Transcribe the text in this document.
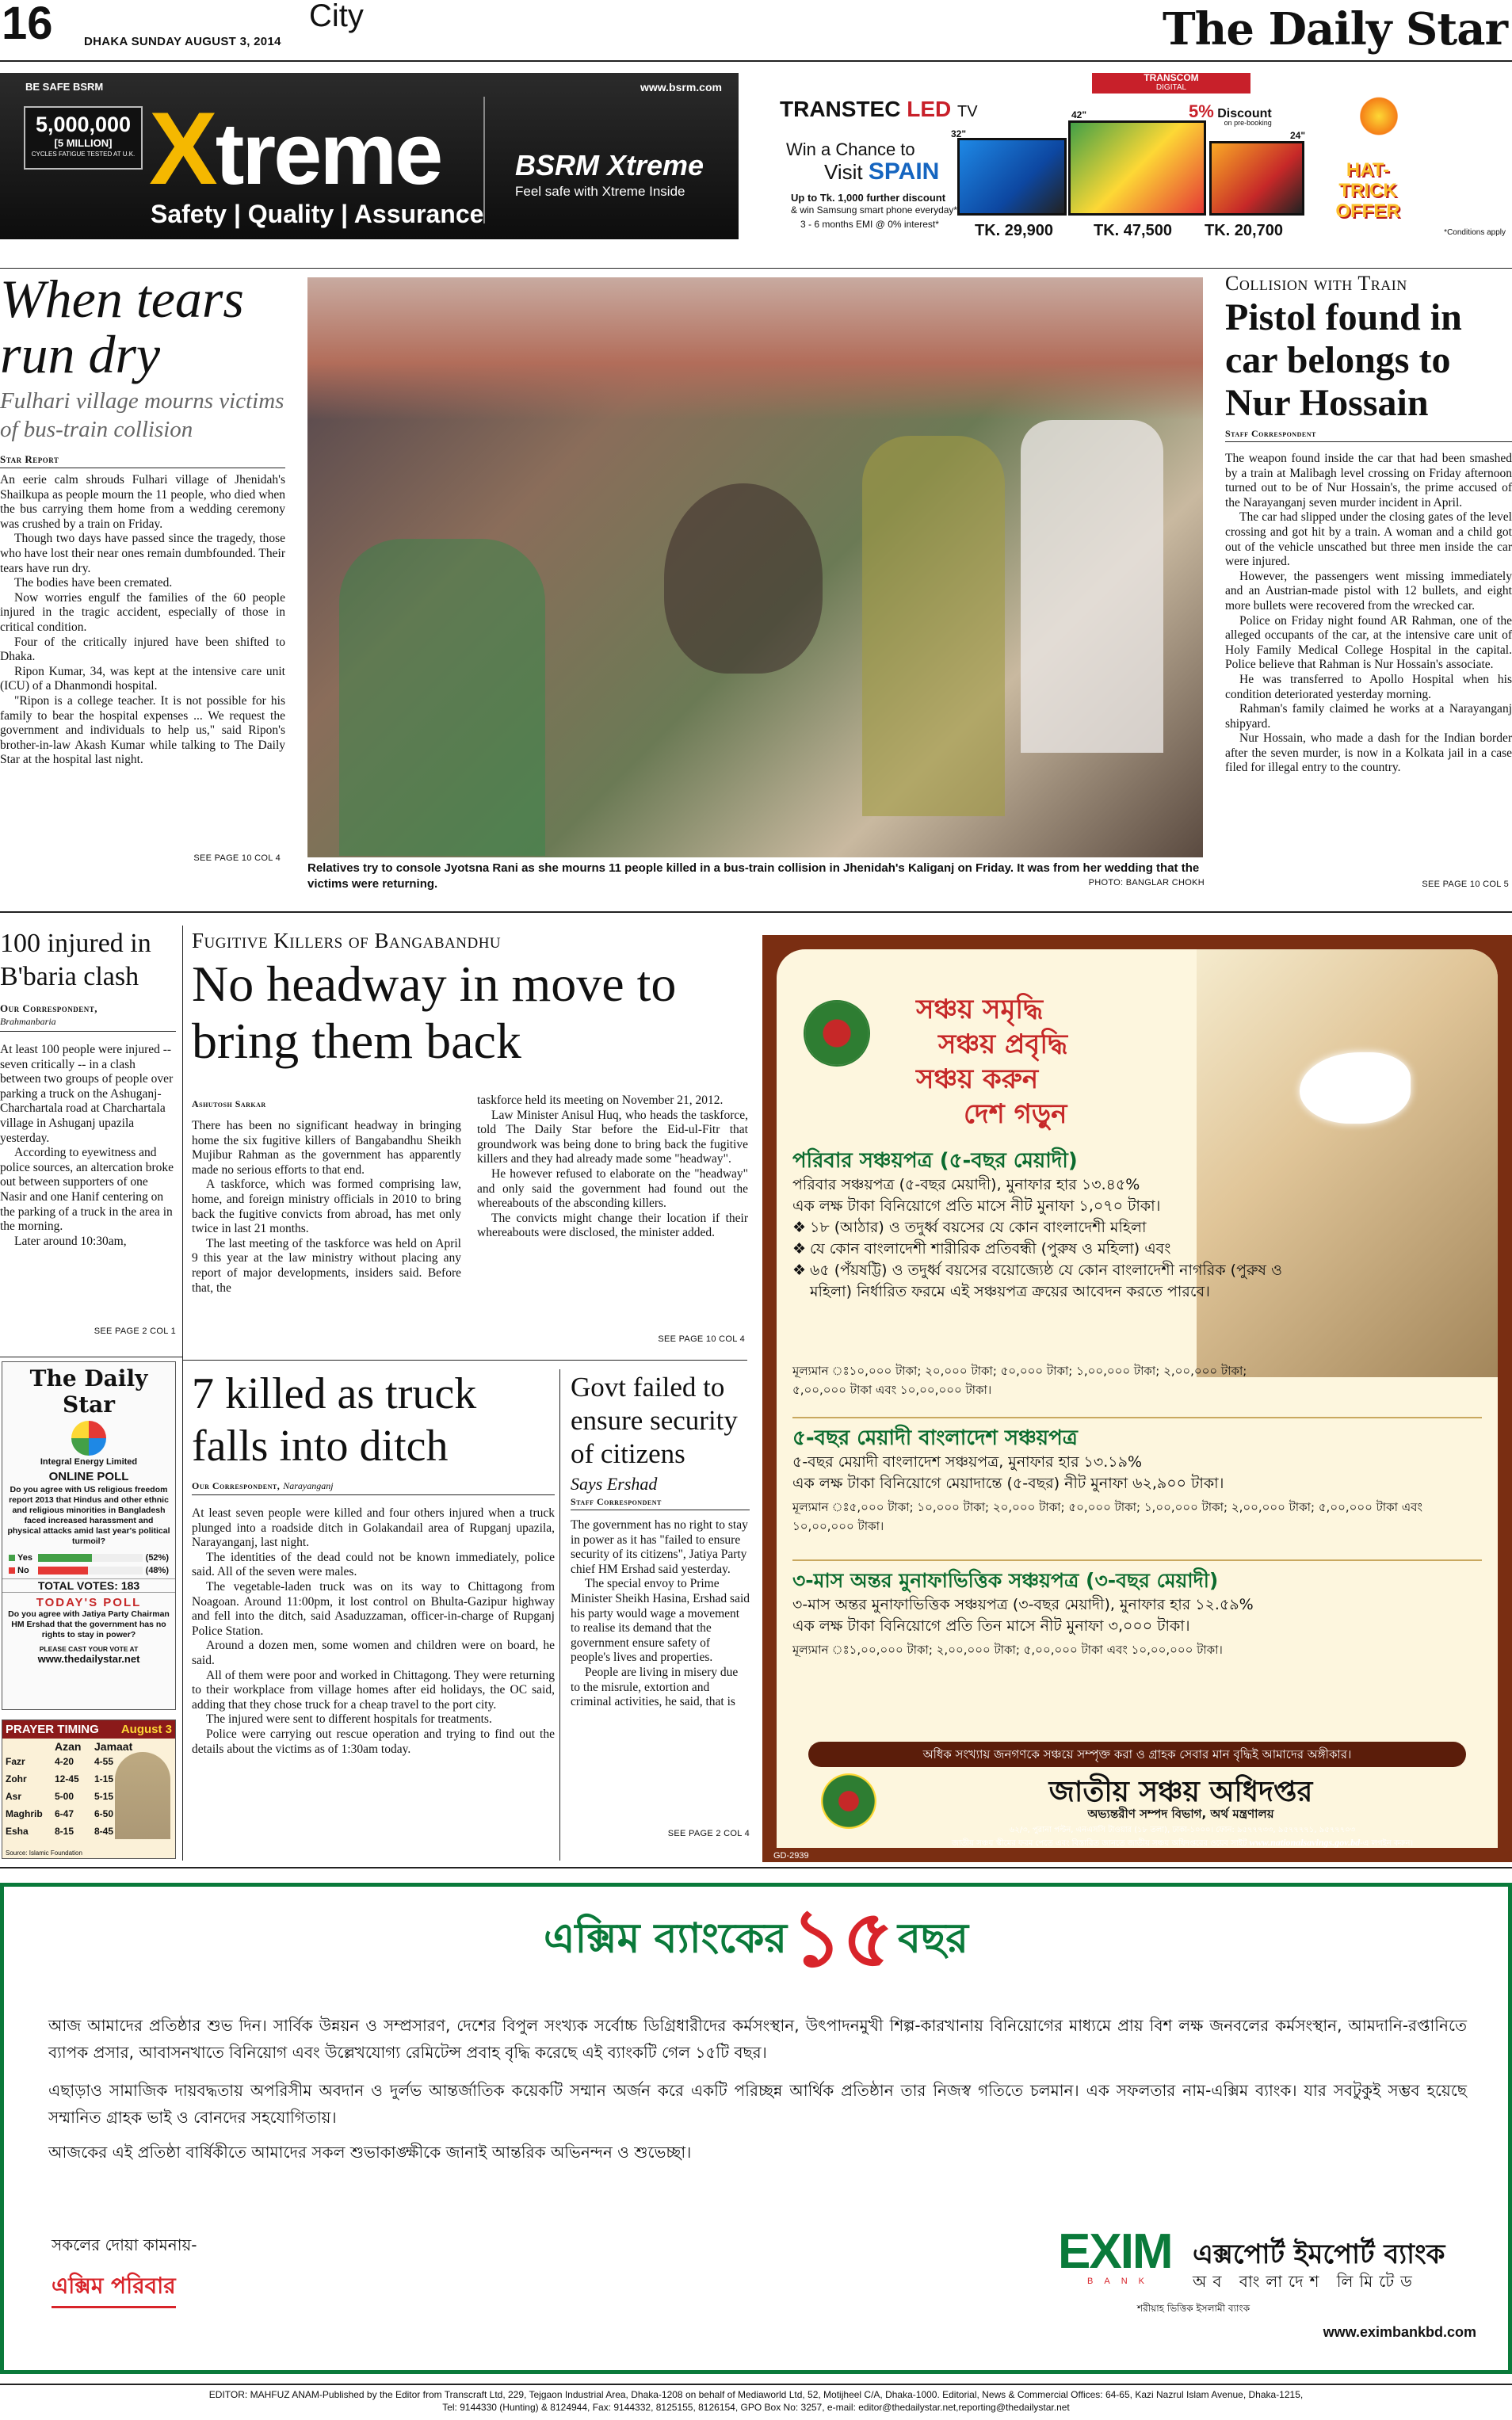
16	DHAKA SUNDAY AUGUST 3, 2014
City	The Daily Star
BE SAFE BSRM	www.bsrm.com
5,000,000
[5 MILLION]
CYCLES FATIGUE TESTED AT U.K. Xtreme
Safety | Quality | Assurance
BSRM Xtreme
Feel safe with Xtreme Inside
TRANSCOM
DIGITAL
TRANSTEC LED TV
Win a Chance to
Visit SPAIN
Up to Tk. 1,000 further discount
& win Samsung smart phone everyday*
3 - 6 months EMI @ 0% interest*
32"
42"
24"
5% Discount
on pre-booking
HAT-TRICK OFFER
TK. 29,900	TK. 47,500 TK. 20,700	*Conditions apply
When tears run dry
Fulhari village mourns victims of bus-train collision
Star Report

An eerie calm shrouds Fulhari village of Jhenidah's Shailkupa as people mourn the 11 people, who died when the bus carrying them home from a wedding ceremony was crushed by a train on Friday.

Though two days have passed since the tragedy, those who have lost their near ones remain dumbfounded. Their tears have run dry.

The bodies have been cremated.

Now worries engulf the families of the 60 people injured in the tragic accident, especially of those in critical condition.

Four of the critically injured have been shifted to Dhaka.

Ripon Kumar, 34, was kept at the intensive care unit (ICU) of a Dhanmondi hospital.

"Ripon is a college teacher. It is not possible for his family to bear the hospital expenses ... We request the government and individuals to help us," said Ripon's brother-in-law Akash Kumar while talking to The Daily Star at the hospital last night.

SEE PAGE 10 COL 4
Relatives try to console Jyotsna Rani as she mourns 11 people killed in a bus-train collision in Jhenidah's Kaliganj on Friday. It was from her wedding that the victims were returning.	PHOTO: BANGLAR CHOKH
Collision with Train
Pistol found in car belongs to Nur Hossain
Staff Correspondent

The weapon found inside the car that had been smashed by a train at Malibagh level crossing on Friday afternoon turned out to be of Nur Hossain's, the prime accused of the Narayanganj seven murder incident in April.

The car had slipped under the closing gates of the level crossing and got hit by a train. A woman and a child got out of the vehicle unscathed but three men inside the car were injured.

However, the passengers went missing immediately and an Austrian-made pistol with 12 bullets, and eight more bullets were recovered from the wrecked car.

Police on Friday night found AR Rahman, one of the alleged occupants of the car, at the intensive care unit of Holy Family Medical College Hospital in the capital. Police believe that Rahman is Nur Hossain's associate.

He was transferred to Apollo Hospital when his condition deteriorated yesterday morning.

Rahman's family claimed he works at a Narayanganj shipyard.

Nur Hossain, who made a dash for the Indian border after the seven murder, is now in a Kolkata jail in a case filed for illegal entry to the country.

SEE PAGE 10 COL 5
100 injured in B'baria clash
Our Correspondent,
Brahmanbaria

At least 100 people were injured -- seven critically -- in a clash between two groups of people over parking a truck on the Ashuganj-Charchartala road at Charchartala village in Ashuganj upazila yesterday.

According to eyewitness and police sources, an altercation broke out between supporters of one Nasir and one Hanif centering on the parking of a truck in the area in the morning.

Later around 10:30am,

SEE PAGE 2 COL 1
Fugitive Killers of Bangabandhu
No headway in move to bring them back
Ashutosh Sarkar

There has been no significant headway in bringing home the six fugitive killers of Bangabandhu Sheikh Mujibur Rahman as the government has apparently made no serious efforts to that end.

A taskforce, which was formed comprising law, home, and foreign ministry officials in 2010 to bring back the fugitive convicts from abroad, has met only twice in last 21 months.

The last meeting of the taskforce was held on April 9 this year at the law ministry without placing any report of major developments, insiders said. Before that, the

taskforce held its meeting on November 21, 2012.

Law Minister Anisul Huq, who heads the taskforce, told The Daily Star before the Eid-ul-Fitr that groundwork was being done to bring back the fugitive killers and they had already made some "headway".

He however refused to elaborate on the "headway" and only said the government had found out the whereabouts of the absconding killers.

The convicts might change their location if their whereabouts were disclosed, the minister added.

SEE PAGE 10 COL 4
The Daily Star
Integral Energy Limited
ONLINE POLL
Do you agree with US religious freedom report 2013 that Hindus and other ethnic and religious minorities in Bangladesh faced increased harassment and physical attacks amid last year's political turmoil?
Yes	(52%)
No	(48%)
TOTAL VOTES: 183
TODAY'S POLL
Do you agree with Jatiya Party Chairman HM Ershad that the government has no rights to stay in power?
PLEASE CAST YOUR VOTE AT
www.thedailystar.net
PRAYER TIMING August 3
	Azan	Jamaat
Fazr	4-20	4-55
Zohr	12-45	1-15
Asr	5-00	5-15
Maghrib	6-47	6-50
Esha	8-15	8-45
Source: Islamic Foundation
7 killed as truck falls into ditch
Our Correspondent, Narayanganj

At least seven people were killed and four others injured when a truck plunged into a roadside ditch in Golakandail area of Rupganj upazila, Narayanganj, last night.

The identities of the dead could not be known immediately, police said. All of the seven were males.

The vegetable-laden truck was on its way to Chittagong from Noagoan. Around 11:00pm, it lost control on Bhulta-Gazipur highway and fell into the ditch, said Asaduzzaman, officer-in-charge of Rupganj Police Station.

Around a dozen men, some women and children were on board, he said.

All of them were poor and worked in Chittagong. They were returning to their workplace from village homes after eid holidays, the OC said, adding that they chose truck for a cheap travel to the port city.

The injured were sent to different hospitals for treatments.

Police were carrying out rescue operation and trying to find out the details about the victims as of 1:30am today.

Govt failed to ensure security of citizens
Says Ershad
Staff Correspondent

The government has no right to stay in power as it has "failed to ensure security of its citizens", Jatiya Party chief HM Ershad said yesterday.

The special envoy to Prime Minister Sheikh Hasina, Ershad said his party would wage a movement to realise its demand that the government ensure safety of people's lives and properties.

People are living in misery due to the misrule, extortion and criminal activities, he said, that is

SEE PAGE 2 COL 4
সঞ্চয় সমৃদ্ধি
সঞ্চয় প্রবৃদ্ধি
সঞ্চয় করুন
দেশ গড়ুন
পরিবার সঞ্চয়পত্র (৫-বছর মেয়াদী)
পরিবার সঞ্চয়পত্র (৫-বছর মেয়াদী), মুনাফার হার ১৩.৪৫%
এক লক্ষ টাকা বিনিয়োগে প্রতি মাসে নীট মুনাফা ১,০৭০ টাকা।
❖ ১৮ (আঠার) ও তদুর্ধ্ব বয়সের যে কোন বাংলাদেশী মহিলা
❖ যে কোন বাংলাদেশী শারীরিক প্রতিবন্ধী (পুরুষ ও মহিলা) এবং
❖ ৬৫ (পঁয়ষট্টি) ও তদুর্ধ্ব বয়সের বয়োজ্যেষ্ঠ যে কোন বাংলাদেশী নাগরিক (পুরুষ ও মহিলা) নির্ধারিত ফরমে এই সঞ্চয়পত্র ক্রয়ের আবেদন করতে পারবে।
মূল্যমান ঃ১০,০০০ টাকা; ২০,০০০ টাকা; ৫০,০০০ টাকা; ১,০০,০০০ টাকা; ২,০০,০০০ টাকা; ৫,০০,০০০ টাকা এবং ১০,০০,০০০ টাকা।
৫-বছর মেয়াদী বাংলাদেশ সঞ্চয়পত্র
৫-বছর মেয়াদী বাংলাদেশ সঞ্চয়পত্র, মুনাফার হার ১৩.১৯%
এক লক্ষ টাকা বিনিয়োগে মেয়াদান্তে (৫-বছর) নীট মুনাফা ৬২,৯০০ টাকা।
মূল্যমান ঃ৫,০০০ টাকা; ১০,০০০ টাকা; ২০,০০০ টাকা; ৫০,০০০ টাকা; ১,০০,০০০ টাকা; ২,০০,০০০ টাকা; ৫,০০,০০০ টাকা এবং ১০,০০,০০০ টাকা।
৩-মাস অন্তর মুনাফাভিত্তিক সঞ্চয়পত্র (৩-বছর মেয়াদী)
৩-মাস অন্তর মুনাফাভিত্তিক সঞ্চয়পত্র (৩-বছর মেয়াদী), মুনাফার হার ১২.৫৯%
এক লক্ষ টাকা বিনিয়োগে প্রতি তিন মাসে নীট মুনাফা ৩,০০০ টাকা।
মূল্যমান ঃ১,০০,০০০ টাকা; ২,০০,০০০ টাকা; ৫,০০,০০০ টাকা এবং ১০,০০,০০০ টাকা।
অধিক সংখ্যায় জনগণকে সঞ্চয়ে সম্পৃক্ত করা ও গ্রাহক সেবার মান বৃদ্ধিই আমাদের অঙ্গীকার।
জাতীয় সঞ্চয় অধিদপ্তর
অভ্যন্তরীণ সম্পদ বিভাগ, অর্থ মন্ত্রণালয়
৬২/৩, পুরানা পল্টন, এনএসসি টাওয়ার (১৮ তলা), ঢাকা-১০০০। ফোন: ৯৫৭৭৭৩৩, ৯৫৭৭৭৭১, ৯৫৭৭৭০৩
জাতীয় সঞ্চয় স্কীমের ফরম পেতে এবং বিস্তারিত জানতে জাতীয় সঞ্চয় অধিদপ্তরের ওয়েব সাইট www.nationalsavings.gov.bd-এ লগইন করুন।
GD-2939
এক্সিম ব্যাংকের ১৫ বছর

আজ আমাদের প্রতিষ্ঠার শুভ দিন। সার্বিক উন্নয়ন ও সম্প্রসারণ, দেশের বিপুল সংখ্যক সর্বোচ্চ ডিগ্রিধারীদের কর্মসংস্থান, উৎপাদনমুখী শিল্প-কারখানায় বিনিয়োগের মাধ্যমে প্রায় বিশ লক্ষ জনবলের কর্মসংস্থান, আমদানি-রপ্তানিতে ব্যাপক প্রসার, আবাসনখাতে বিনিয়োগ এবং উল্লেখযোগ্য রেমিটেন্স প্রবাহ বৃদ্ধি করেছে এই ব্যাংকটি গেল ১৫টি বছর।

এছাড়াও সামাজিক দায়বদ্ধতায় অপরিসীম অবদান ও দুর্লভ আন্তর্জাতিক কয়েকটি সম্মান অর্জন করে একটি পরিচ্ছন্ন আর্থিক প্রতিষ্ঠান তার নিজস্ব গতিতে চলমান। এক সফলতার নাম-এক্সিম ব্যাংক। যার সবটুকুই সম্ভব হয়েছে সম্মানিত গ্রাহক ভাই ও বোনদের সহযোগিতায়।

আজকের এই প্রতিষ্ঠা বার্ষিকীতে আমাদের সকল শুভাকাঙ্ক্ষীকে জানাই আন্তরিক অভিনন্দন ও শুভেচ্ছা।

সকলের দোয়া কামনায়-
এক্সিম পরিবার
EXIM
BANK
এক্সপোর্ট ইমপোর্ট ব্যাংক
অব বাংলাদেশ লিমিটেড
শরীয়াহ ভিত্তিক ইসলামী ব্যাংক
www.eximbankbd.com
EDITOR: MAHFUZ ANAM-Published by the Editor from Transcraft Ltd, 229, Tejgaon Industrial Area, Dhaka-1208 on behalf of Mediaworld Ltd, 52, Motijheel C/A, Dhaka-1000. Editorial, News & Commercial Offices: 64-65, Kazi Nazrul Islam Avenue, Dhaka-1215,
Tel: 9144330 (Hunting) & 8124944, Fax: 9144332, 8125155, 8126154, GPO Box No: 3257, e-mail: editor@thedailystar.net,reporting@thedailystar.net
